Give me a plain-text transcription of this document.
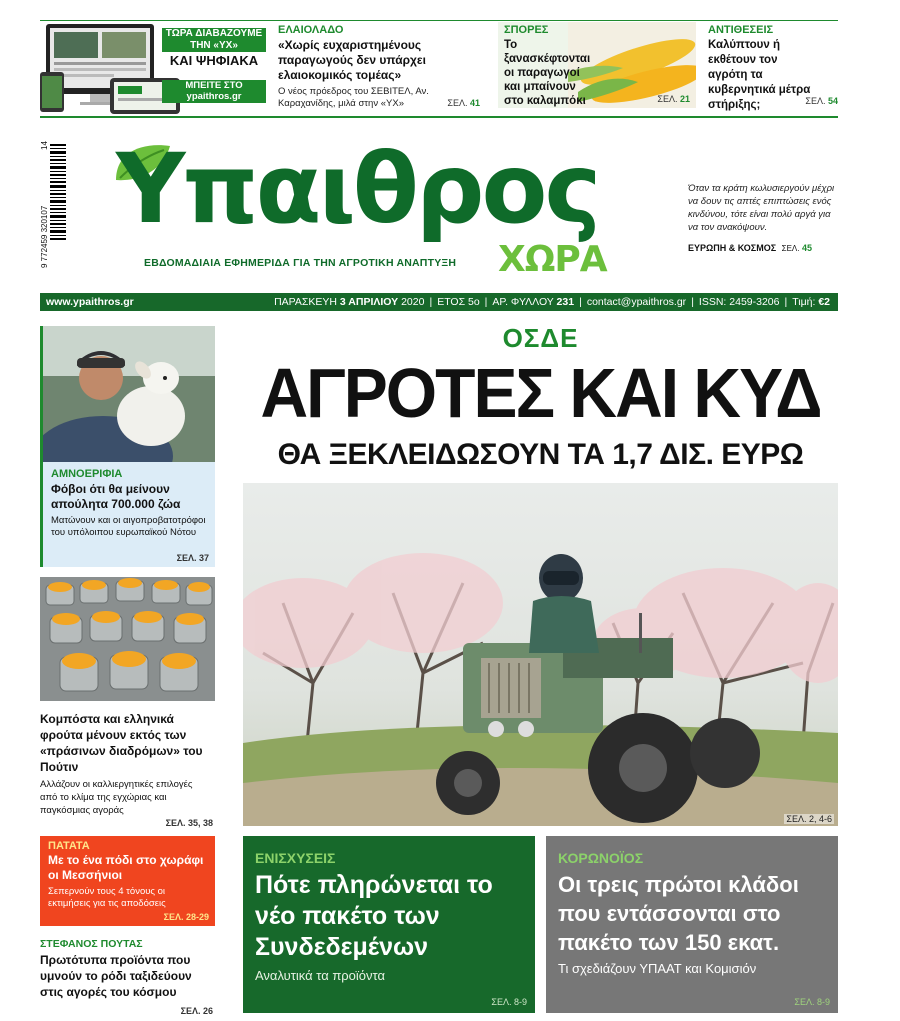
ΤΩΡΑ ΔΙΑΒΑΖΟΥΜΕ
ΤΗΝ «ΥΧ»
ΚΑΙ ΨΗΦΙΑΚΑ
ΜΠΕΙΤΕ ΣΤΟ
ypaithros.gr
ΕΛΑΙΟΛΑΔΟ
«Χωρίς ευχαριστημένους παραγωγούς δεν υπάρχει ελαιοκομικός τομέας»
Ο νέος πρόεδρος του ΣΕΒΙΤΕΛ, Αν. Καραχανίδης, μιλά στην «ΥΧ»	ΣΕΛ. 41
ΣΠΟΡΕΣ
Το ξανασκέφτονται οι παραγωγοί και μπαίνουν στο καλαμπόκι	ΣΕΛ. 21
ΑΝΤΙΘΕΣΕΙΣ
Καλύπτουν ή εκθέτουν τον αγρότη τα κυβερνητικά μέτρα στήριξης;	ΣΕΛ. 54
14
9 772459 320107 Υπαιθρος
ΧΩΡΑ
ΕΒΔΟΜΑΔΙΑΙΑ ΕΦΗΜΕΡΙΔΑ ΓΙΑ ΤΗΝ ΑΓΡΟΤΙΚΗ ΑΝΑΠΤΥΞΗ
Όταν τα κράτη κωλυσιεργούν μέχρι να δουν τις απτές επιπτώσεις ενός κινδύνου, τότε είναι πολύ αργά για να τον ανακόψουν.
ΕΥΡΩΠΗ & ΚΟΣΜΟΣ ΣΕΛ. 45
www.ypaithros.gr	ΠΑΡΑΣΚΕΥΗ 3 ΑΠΡΙΛΙΟΥ 2020 | ΕΤΟΣ 5ο | ΑΡ. ΦΥΛΛΟΥ 231 | contact@ypaithros.gr | ISSN: 2459-3206 | Τιμή: €2
ΑΜΝΟΕΡΙΦΙΑ
Φόβοι ότι θα μείνουν απούλητα 700.000 ζώα
Ματώνουν και οι αιγοπροβατοτρόφοι του υπόλοιπου ευρωπαϊκού Νότου
ΣΕΛ. 37
Κομπόστα και ελληνικά φρούτα μένουν εκτός των «πράσινων διαδρόμων» του Πούτιν
Αλλάζουν οι καλλιεργητικές επιλογές από το κλίμα της εγχώριας και παγκόσμιας αγοράς
ΣΕΛ. 35, 38
ΠΑΤΑΤΑ
Με το ένα πόδι στο χωράφι οι Μεσσήνιοι
Σεπερνούν τους 4 τόνους οι εκτιμήσεις για τις αποδόσεις
ΣΕΛ. 28-29
ΣΤΕΦΑΝΟΣ ΠΟΥΤΑΣ
Πρωτότυπα προϊόντα που υμνούν το ρόδι ταξιδεύουν στις αγορές του κόσμου
ΣΕΛ. 26
ΟΣΔΕ
ΑΓΡΟΤΕΣ ΚΑΙ ΚΥΔ
ΘΑ ΞΕΚΛΕΙΔΩΣΟΥΝ ΤΑ 1,7 ΔΙΣ. ΕΥΡΩ
ΣΕΛ. 2, 4-6
ΕΝΙΣΧΥΣΕΙΣ
Πότε πληρώνεται το νέο πακέτο των Συνδεδεμένων
Αναλυτικά τα προϊόντα
ΣΕΛ. 8-9
ΚΟΡΩΝΟΪΟΣ
Οι τρεις πρώτοι κλάδοι που εντάσσονται στο πακέτο των 150 εκατ.
Τι σχεδιάζουν ΥΠΑΑΤ και Κομισιόν
ΣΕΛ. 8-9
